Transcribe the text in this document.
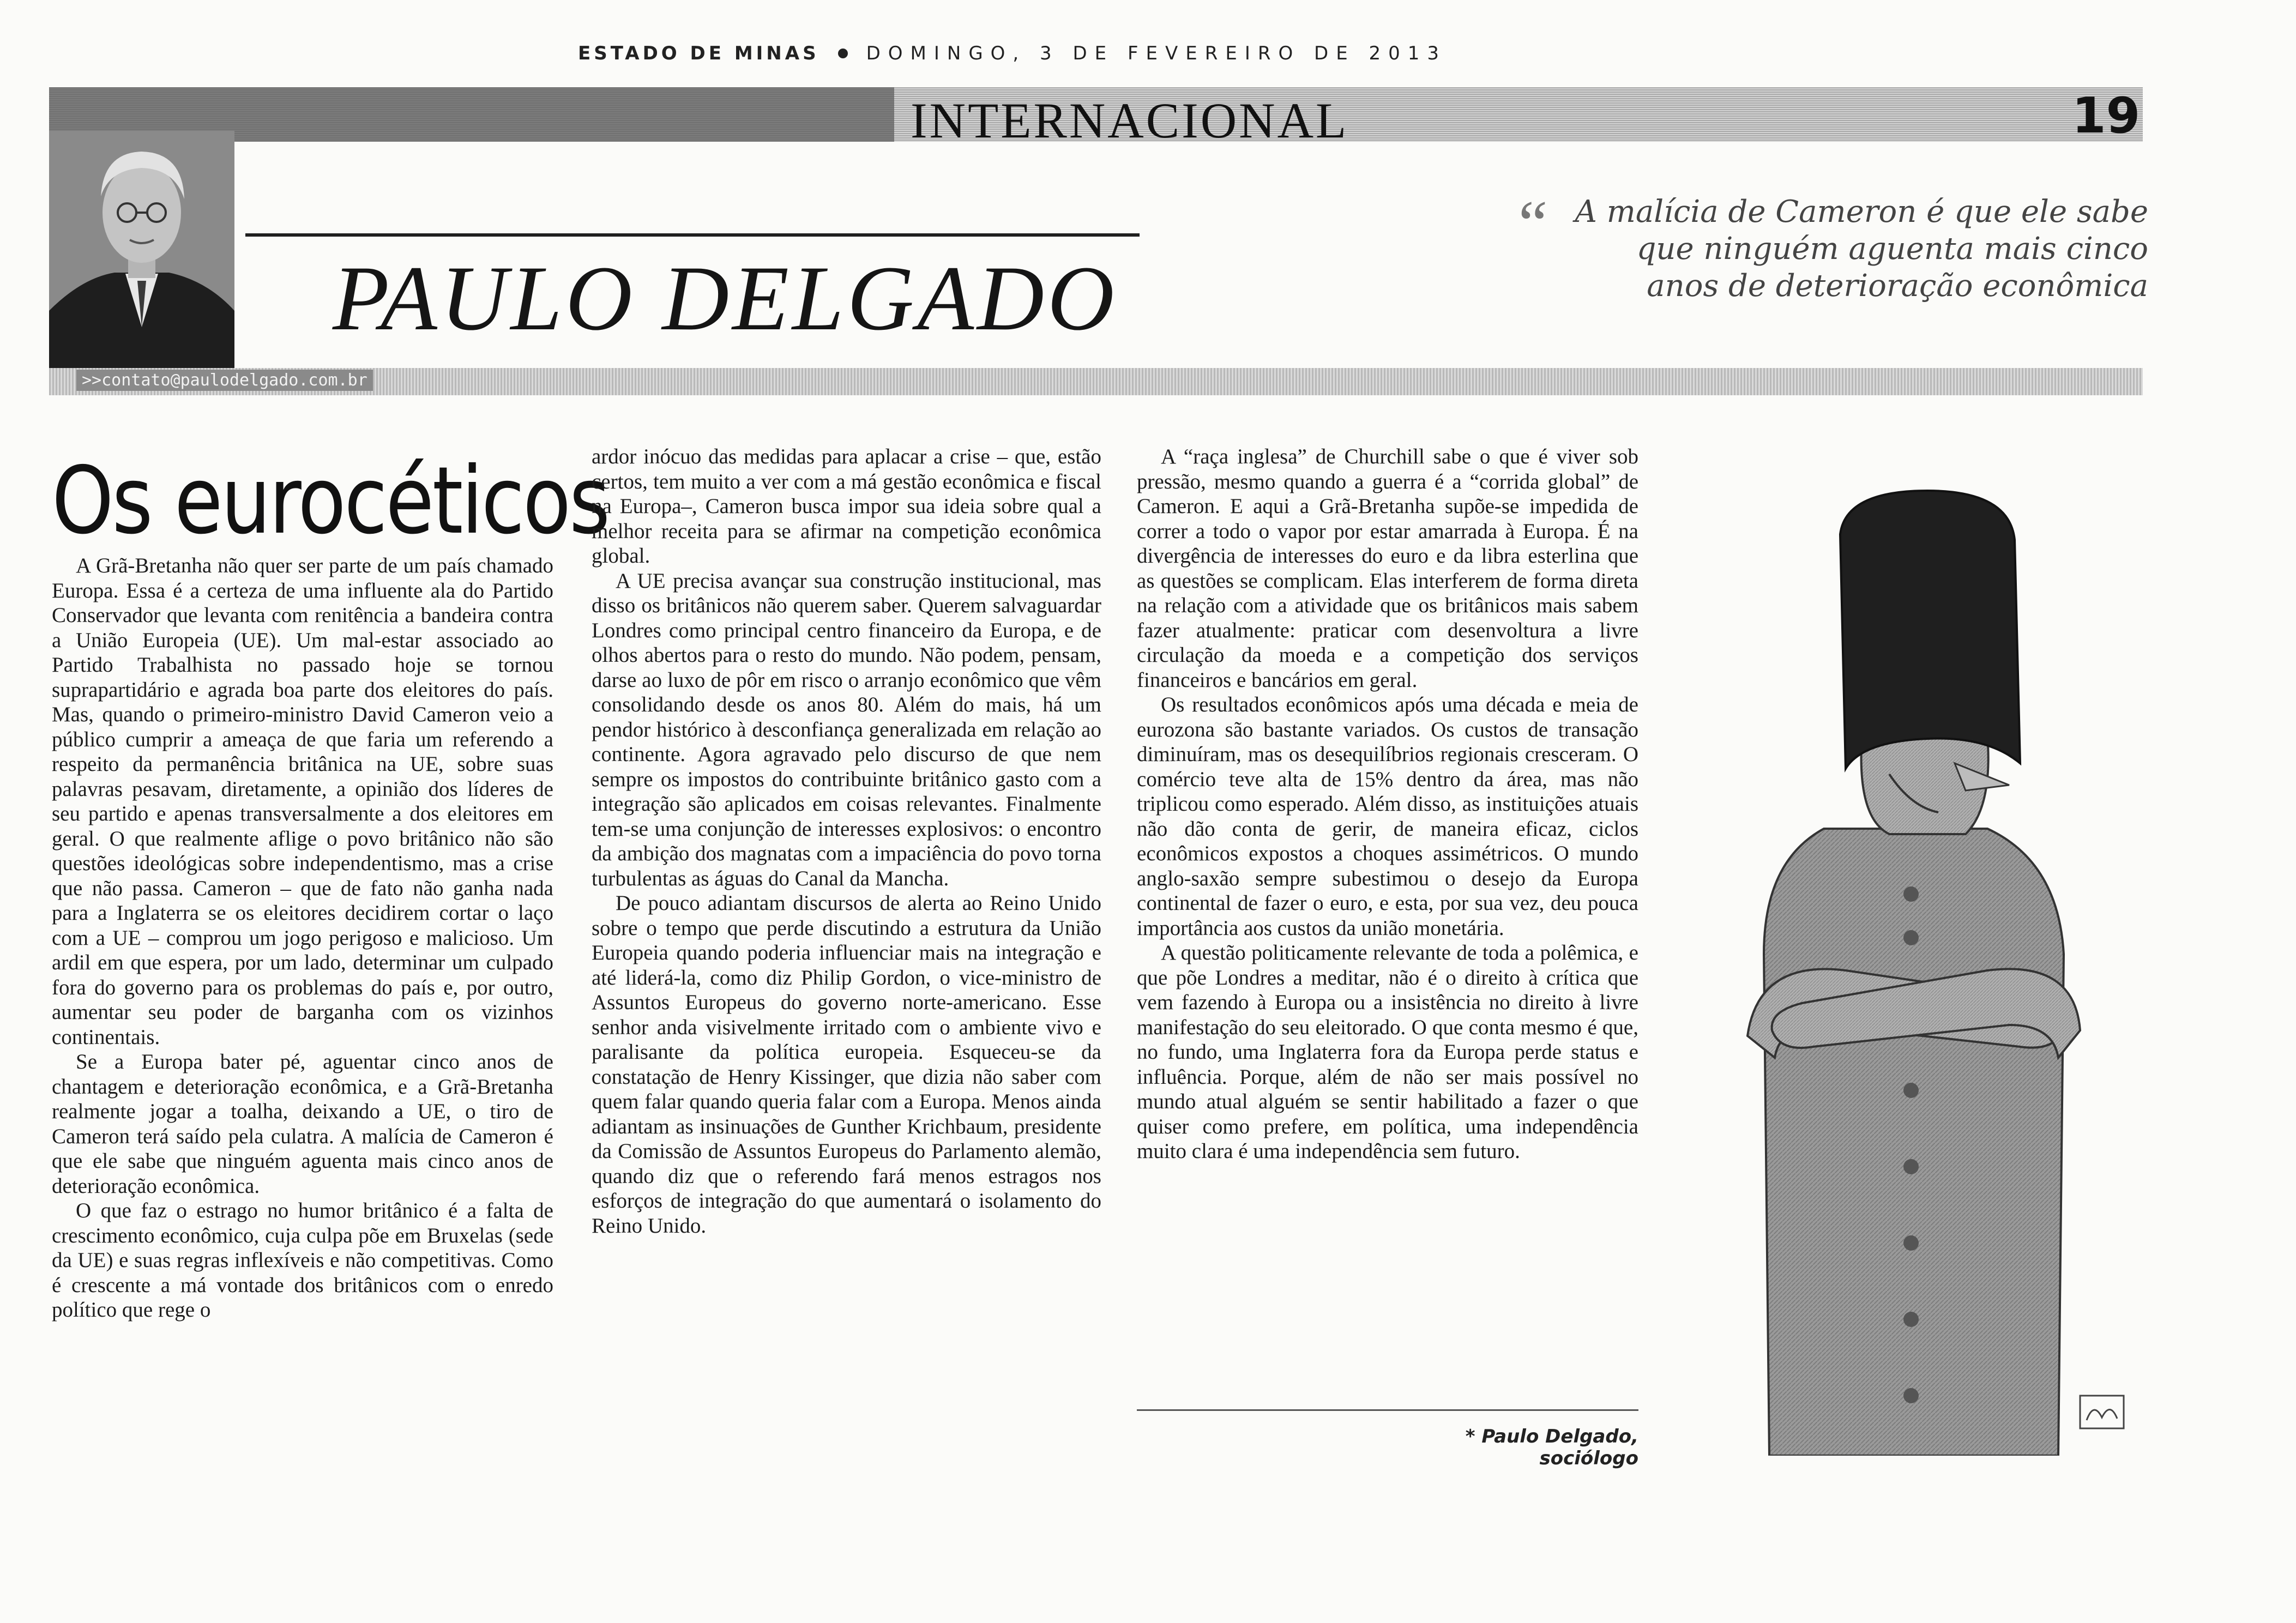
ESTADO DE MINAS	DOMINGO, 3 DE FEVEREIRO DE 2013
INTERNACIONAL	19
PAULO DELGADO
>>contato@paulodelgado.com.br
“ A malícia de Cameron é que ele sabe que ninguém aguenta mais cinco anos de deterioração econômica
Os eurocéticos

A Grã-Bretanha não quer ser parte de um país chamado Europa. Essa é a certeza de uma influente ala do Partido Conservador que levanta com renitência a bandeira contra a União Europeia (UE). Um mal-estar associado ao Partido Trabalhista no passado hoje se tornou suprapartidário e agrada boa parte dos eleitores do país. Mas, quando o primeiro-ministro David Cameron veio a público cumprir a ameaça de que faria um referendo a respeito da permanência britânica na UE, sobre suas palavras pesavam, diretamente, a opinião dos líderes de seu partido e apenas transversalmente a dos eleitores em geral. O que realmente aflige o povo britânico não são questões ideológicas sobre independentismo, mas a crise que não passa. Cameron – que de fato não ganha nada para a Inglaterra se os eleitores decidirem cortar o laço com a UE – comprou um jogo perigoso e malicioso. Um ardil em que espera, por um lado, determinar um culpado fora do governo para os problemas do país e, por outro, aumentar seu poder de barganha com os vizinhos continentais.

Se a Europa bater pé, aguentar cinco anos de chantagem e deterioração econômica, e a Grã-Bretanha realmente jogar a toalha, deixando a UE, o tiro de Cameron terá saído pela culatra. A malícia de Cameron é que ele sabe que ninguém aguenta mais cinco anos de deterioração econômica.

O que faz o estrago no humor britânico é a falta de crescimento econômico, cuja culpa põe em Bruxelas (sede da UE) e suas regras inflexíveis e não competitivas. Como é crescente a má vontade dos britânicos com o enredo político que rege o

ardor inócuo das medidas para aplacar a crise – que, estão certos, tem muito a ver com a má gestão econômica e fiscal na Europa–, Cameron busca impor sua ideia sobre qual a melhor receita para se afirmar na competição econômica global.

A UE precisa avançar sua construção institucional, mas disso os britânicos não querem saber. Querem salvaguardar Londres como principal centro financeiro da Europa, e de olhos abertos para o resto do mundo. Não podem, pensam, darse ao luxo de pôr em risco o arranjo econômico que vêm consolidando desde os anos 80. Além do mais, há um pendor histórico à desconfiança generalizada em relação ao continente. Agora agravado pelo discurso de que nem sempre os impostos do contribuinte britânico gasto com a integração são aplicados em coisas relevantes. Finalmente tem-se uma conjunção de interesses explosivos: o encontro da ambição dos magnatas com a impaciência do povo torna turbulentas as águas do Canal da Mancha.

De pouco adiantam discursos de alerta ao Reino Unido sobre o tempo que perde discutindo a estrutura da União Europeia quando poderia influenciar mais na integração e até liderá-la, como diz Philip Gordon, o vice-ministro de Assuntos Europeus do governo norte-americano. Esse senhor anda visivelmente irritado com o ambiente vivo e paralisante da política europeia. Esqueceu-se da constatação de Henry Kissinger, que dizia não saber com quem falar quando queria falar com a Europa. Menos ainda adiantam as insinuações de Gunther Krichbaum, presidente da Comissão de Assuntos Europeus do Parlamento alemão, quando diz que o referendo fará menos estragos nos esforços de integração do que aumentará o isolamento do Reino Unido.

A “raça inglesa” de Churchill sabe o que é viver sob pressão, mesmo quando a guerra é a “corrida global” de Cameron. E aqui a Grã-Bretanha supõe-se impedida de correr a todo o vapor por estar amarrada à Europa. É na divergência de interesses do euro e da libra esterlina que as questões se complicam. Elas interferem de forma direta na relação com a atividade que os britânicos mais sabem fazer atualmente: praticar com desenvoltura a livre circulação da moeda e a competição dos serviços financeiros e bancários em geral.

Os resultados econômicos após uma década e meia de eurozona são bastante variados. Os custos de transação diminuíram, mas os desequilíbrios regionais cresceram. O comércio teve alta de 15% dentro da área, mas não triplicou como esperado. Além disso, as instituições atuais não dão conta de gerir, de maneira eficaz, ciclos econômicos expostos a choques assimétricos. O mundo anglo-saxão sempre subestimou o desejo da Europa continental de fazer o euro, e esta, por sua vez, deu pouca importância aos custos da união monetária.

A questão politicamente relevante de toda a polêmica, e que põe Londres a meditar, não é o direito à crítica que vem fazendo à Europa ou a insistência no direito à livre manifestação do seu eleitorado. O que conta mesmo é que, no fundo, uma Inglaterra fora da Europa perde status e influência. Porque, além de não ser mais possível no mundo atual alguém se sentir habilitado a fazer o que quiser como prefere, em política, uma independência muito clara é uma independência sem futuro.

* Paulo Delgado, sociólogo
